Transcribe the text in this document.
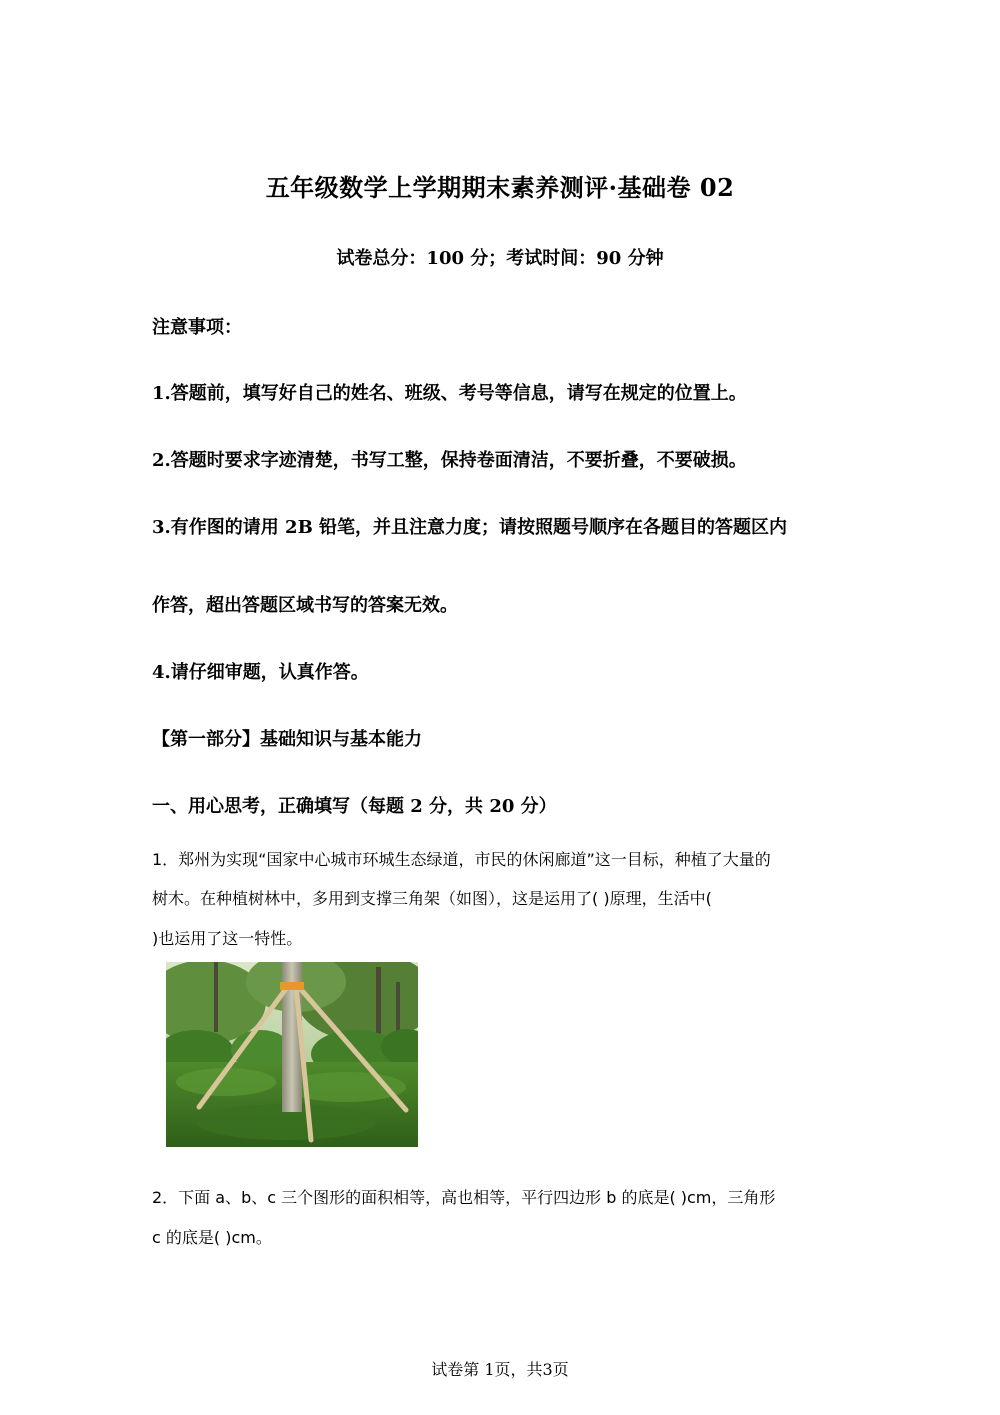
五年级数学上学期期末素养测评·基础卷 02
试卷总分：100 分；考试时间：90 分钟
注意事项：
1.答题前，填写好自己的姓名、班级、考号等信息，请写在规定的位置上。
2.答题时要求字迹清楚，书写工整，保持卷面清洁，不要折叠，不要破损。
3.有作图的请用 2B 铅笔，并且注意力度；请按照题号顺序在各题目的答题区内
作答，超出答题区域书写的答案无效。
4.请仔细审题，认真作答。
【第一部分】基础知识与基本能力
一、用心思考，正确填写（每题 2 分，共 20 分）
1．郑州为实现“国家中心城市环城生态绿道，市民的休闲廊道”这一目标，种植了大量的
树木。在种植树林中，多用到支撑三角架（如图），这是运用了( )原理，生活中(
)也运用了这一特性。
2．下面 a、b、c 三个图形的面积相等，高也相等，平行四边形 b 的底是( )cm，三角形
c 的底是( )cm。
试卷第 1页，共3页
